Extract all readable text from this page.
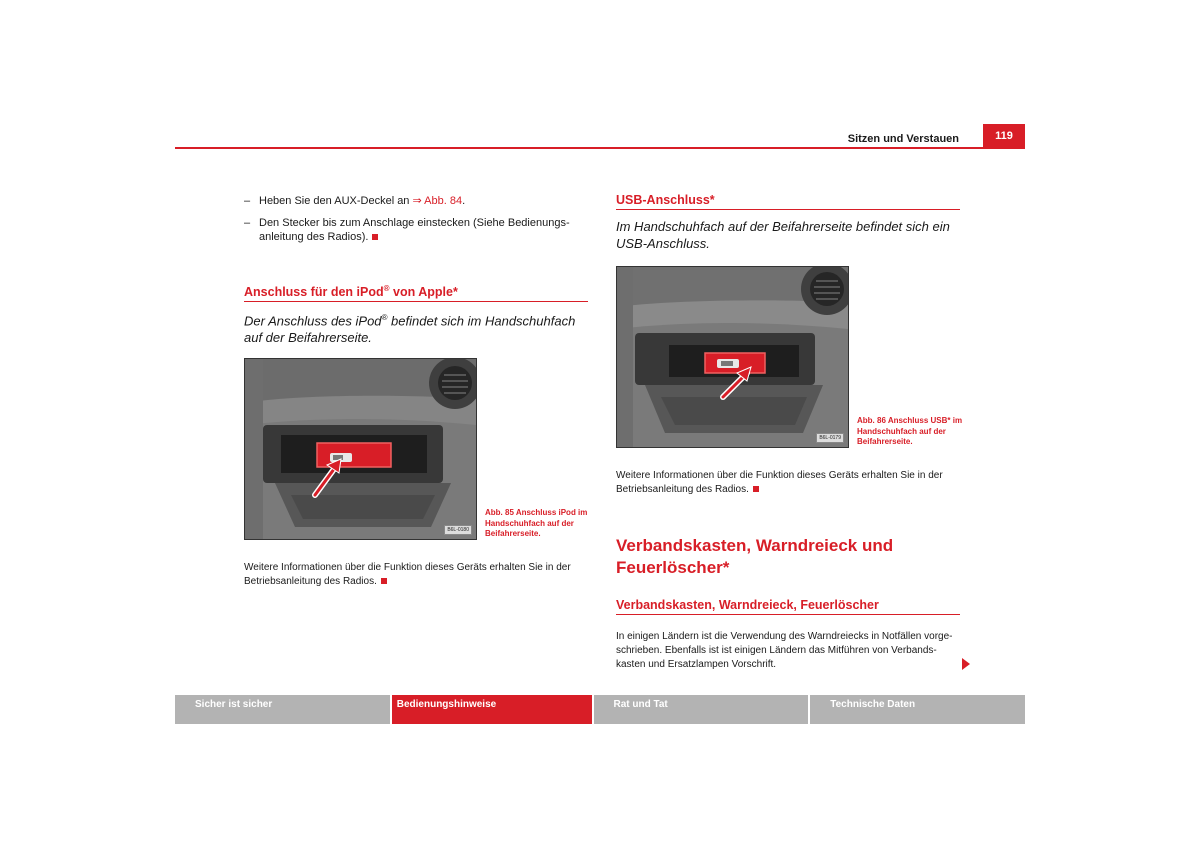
Sitzen und Verstauen	119
– Heben Sie den AUX-Deckel an ⇒ Abb. 84.
– Den Stecker bis zum Anschlage einstecken (Siehe Bedienungs-anleitung des Radios).
Anschluss für den iPod® von Apple*
Der Anschluss des iPod® befindet sich im Handschuhfach auf der Beifahrerseite.
B6L-0180
Abb. 85 Anschluss iPod im Handschuhfach auf der Beifahrerseite.
Weitere Informationen über die Funktion dieses Geräts erhalten Sie in der Betriebsanleitung des Radios.
USB-Anschluss*
Im Handschuhfach auf der Beifahrerseite befindet sich ein USB-Anschluss.
B6L-0179
Abb. 86 Anschluss USB* im Handschuhfach auf der Beifahrerseite.
Weitere Informationen über die Funktion dieses Geräts erhalten Sie in der Betriebsanleitung des Radios.
Verbandskasten, Warndreieck und Feuerlöscher*
Verbandskasten, Warndreieck, Feuerlöscher
In einigen Ländern ist die Verwendung des Warndreiecks in Notfällen vorge-schrieben. Ebenfalls ist ist einigen Ländern das Mitführen von Verbands-kasten und Ersatzlampen Vorschrift.
Sicher ist sicher	Bedienungshinweise	Rat und Tat	Technische Daten
